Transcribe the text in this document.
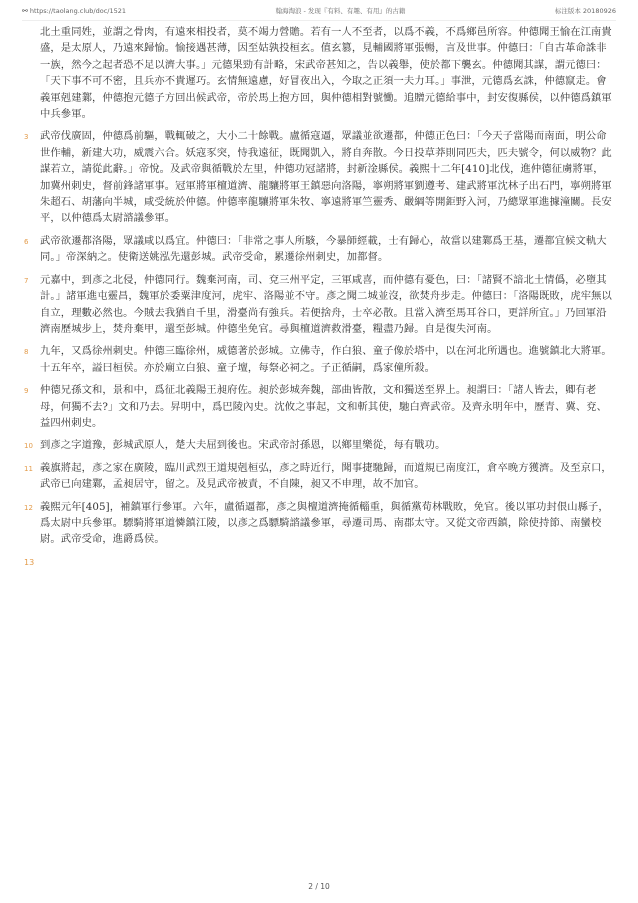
⚯ https://taolang.club/doc/1521	翰海淘浪 - 发现『有料、有趣、有用』的古籍	标注版本 20180926
北土重同姓，並謂之骨肉，有遠來相投者，莫不竭力營贍。若有一人不至者，以爲不義，不爲鄉邑所容。仲德聞王愉在江南貴盛，是太原人，乃遠來歸愉。愉接遇甚薄，因至姑孰投桓玄。值玄篡，見輔國將軍張暢，言及世事。仲德曰：「自古革命誅非一族，然今之起者恐不足以濟大事。」元德果勁有計略，宋武帝甚知之，告以義舉，使於都下襲玄。仲德聞其謀，謂元德曰：「天下事不可不密，且兵亦不貴遲巧。玄情無遠慮，好冒夜出入，今取之正須一夫力耳。」事泄，元德爲玄誅，仲德竄走。會義軍剋建鄴，仲德抱元德子方回出候武帝，帝於馬上抱方回，與仲德相對號慟。追贈元德給事中，封安復縣侯，以仲德爲鎮軍中兵參軍。
3 武帝伐廣固，仲德爲前驅，戰輒破之，大小二十餘戰。盧循寇逼，眾議並欲遷都，仲德正色曰：「今天子當陽而南面，明公命世作輔，新建大功，威震六合。妖寇豕突，恃我遠征，既聞凱入，將自奔散。今日投草莽則同匹夫，匹夫號令，何以威物？此謀若立，請從此辭。」帝悅。及武帝與循戰於左里，仲德功冠諸將，封新淦縣侯。義熙十二年[410]北伐，進仲德征虜將軍，加冀州刺史，督前鋒諸軍事。冠軍將軍檀道濟、龍驤將軍王鎮惡向洛陽，寧朔將軍劉遵考、建武將軍沈林子出石門，寧朔將軍朱超石、胡藩向半城，咸受統於仲德。仲德率龍驤將軍朱牧、寧遠將軍竺靈秀、嚴綱等開鉅野入河，乃總眾軍進據潼關。長安平，以仲德爲太尉諮議參軍。
6 武帝欲遷都洛陽，眾議咸以爲宜。仲德曰：「非常之事人所駭，今暴師經載，士有歸心，故當以建鄴爲王基，遷都宜候文軌大同。」帝深納之。使衛送姚泓先還彭城。武帝受命，累遷徐州刺史，加都督。
7 元嘉中，到彥之北侵，仲德同行。魏棄河南，司、兗三州平定，三軍咸喜，而仲德有憂色，曰：「諸賢不諳北土情僞，必墮其計。」諸軍進屯靈昌，魏軍於委粟津度河，虎牢、洛陽並不守。彥之聞二城並沒，欲焚舟步走。仲德曰：「洛陽既敗，虎牢無以自立，理數必然也。今賊去我猶自千里，滑臺尚有強兵。若便捨舟，士卒必散。且當入濟至馬耳谷口，更詳所宜。」乃回軍沿濟南歷城步上，焚舟棄甲，還至彭城。仲德坐免官。尋與檀道濟救滑臺，糧盡乃歸。自是復失河南。
8 九年，又爲徐州刺史。仲德三臨徐州，威德著於彭城。立佛寺，作白狼、童子像於塔中，以在河北所遇也。進號鎮北大將軍。十五年卒，謚曰桓侯。亦於廟立白狼、童子壇，每祭必祠之。子正循嗣，爲家僮所殺。
9 仲德兄孫文和，景和中，爲征北義陽王昶府佐。昶於彭城奔魏，部曲皆散，文和獨送至界上。昶謂曰：「諸人皆去，卿有老母，何獨不去?」文和乃去。昇明中，爲巴陵內史。沈攸之事起，文和斬其使，馳白齊武帝。及齊永明年中，歷青、冀、兗、益四州刺史。
10 到彥之字道豫，彭城武原人，楚大夫屈到後也。宋武帝討孫恩，以鄉里樂從，每有戰功。
11 義旗將起，彥之家在廣陵，臨川武烈王道規剋桓弘，彥之時近行，聞事捷馳歸，而道規已南度江，倉卒晚方獲濟。及至京口，武帝已向建鄴，孟昶居守，留之。及見武帝被責，不自陳，昶又不申理，故不加官。
12 義熙元年[405]，補鎮軍行參軍。六年，盧循逼都，彥之與檀道濟掩循輜重，與循黨荀林戰敗，免官。後以軍功封佷山縣子，爲太尉中兵參軍。驃騎將軍道憐鎮江陵，以彥之爲驃騎諮議參軍，尋遷司馬、南郡太守。又從文帝西鎮，除使持節、南蠻校尉。武帝受命，進爵爲侯。
13
2 / 10
